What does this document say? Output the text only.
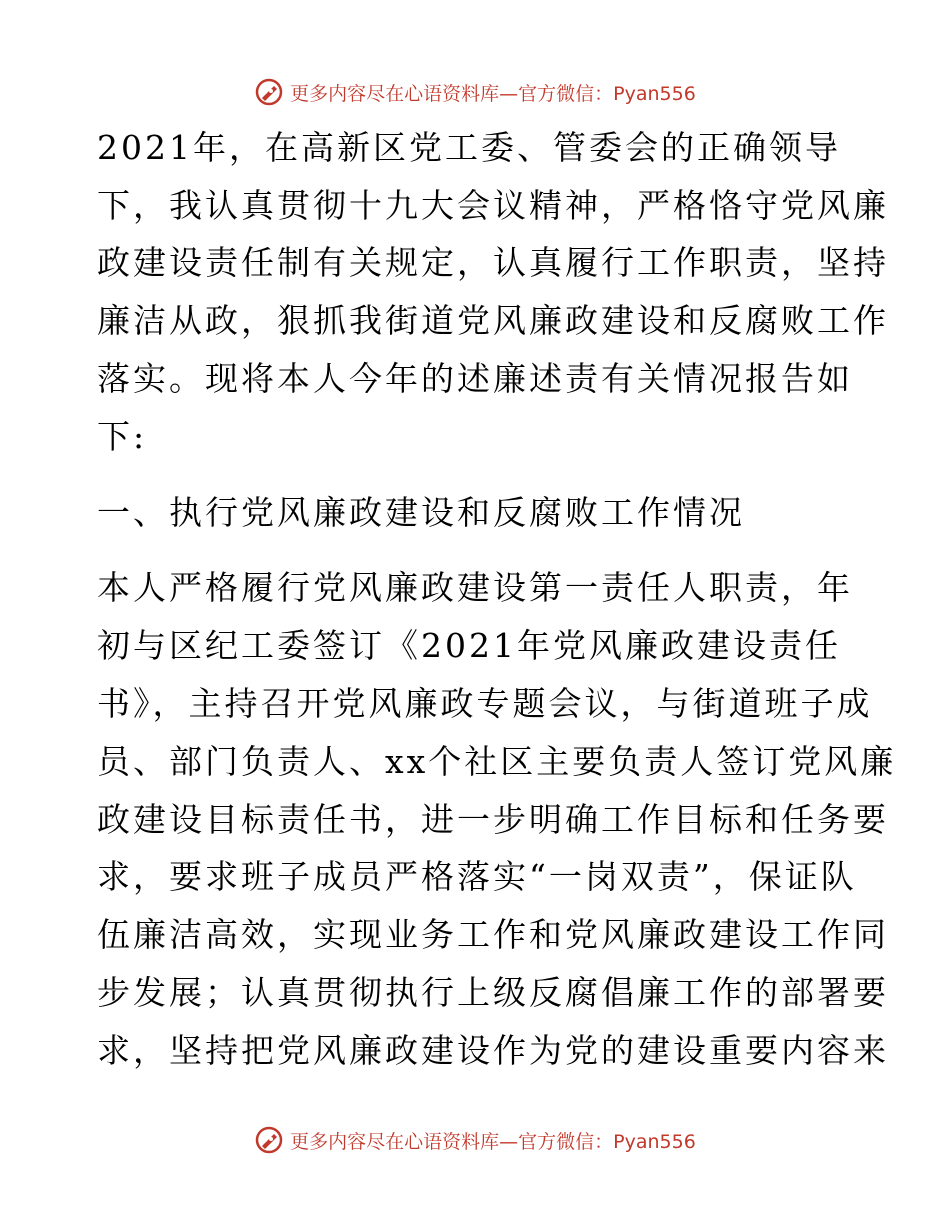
更多内容尽在心语资料库—官方微信：Pyan556
2021年，在高新区党工委、管委会的正确领导
下，我认真贯彻十九大会议精神，严格恪守党风廉
政建设责任制有关规定，认真履行工作职责，坚持
廉洁从政，狠抓我街道党风廉政建设和反腐败工作
落实。现将本人今年的述廉述责有关情况报告如
下:
一、执行党风廉政建设和反腐败工作情况
本人严格履行党风廉政建设第一责任人职责，年
初与区纪工委签订《2021年党风廉政建设责任
书》，主持召开党风廉政专题会议，与街道班子成
员、部门负责人、xx个社区主要负责人签订党风廉
政建设目标责任书，进一步明确工作目标和任务要
求，要求班子成员严格落实“一岗双责”，保证队
伍廉洁高效，实现业务工作和党风廉政建设工作同
步发展；认真贯彻执行上级反腐倡廉工作的部署要
求，坚持把党风廉政建设作为党的建设重要内容来
更多内容尽在心语资料库—官方微信：Pyan556
